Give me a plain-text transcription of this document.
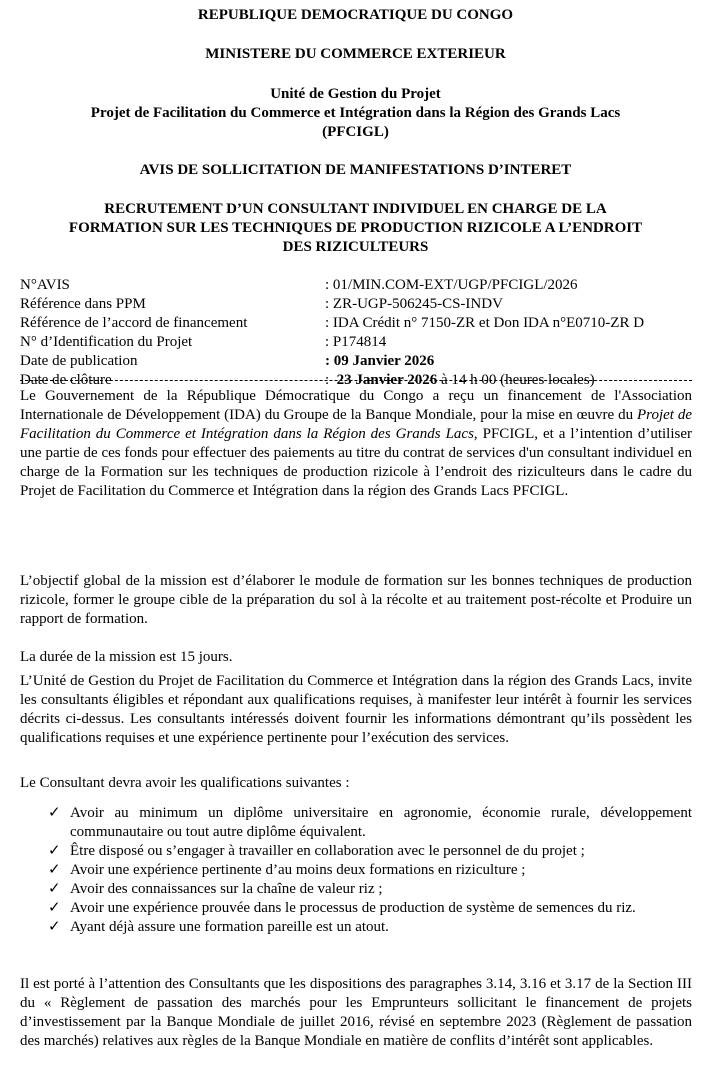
REPUBLIQUE DEMOCRATIQUE DU CONGO
MINISTERE DU COMMERCE EXTERIEUR
Unité de Gestion du Projet
Projet de Facilitation du Commerce et Intégration dans la Région des Grands Lacs
(PFCIGL)
AVIS DE SOLLICITATION DE MANIFESTATIONS D’INTERET
RECRUTEMENT D’UN CONSULTANT INDIVIDUEL EN CHARGE DE LA FORMATION SUR LES TECHNIQUES DE PRODUCTION RIZICOLE A L’ENDROIT DES RIZICULTEURS
N°AVIS	: 01/MIN.COM-EXT/UGP/PFCIGL/2026
Référence dans PPM	: ZR-UGP-506245-CS-INDV
Référence de l’accord de financement	: IDA Crédit n° 7150-ZR et Don IDA n°E0710-ZR D
N° d’Identification du Projet	: P174814
Date de publication	: 09 Janvier 2026
Date de clôture	:  23 Janvier 2026 à 14 h 00 (heures locales)
Le Gouvernement de la République Démocratique du Congo a reçu un financement de l'Association Internationale de Développement (IDA) du Groupe de la Banque Mondiale, pour la mise en œuvre du Projet de Facilitation du Commerce et Intégration dans la Région des Grands Lacs, PFCIGL, et a l’intention d’utiliser une partie de ces fonds pour effectuer des paiements au titre du contrat de services d'un consultant individuel en charge de la Formation sur les techniques de production rizicole à l’endroit des riziculteurs dans le cadre du Projet de Facilitation du Commerce et Intégration dans la région des Grands Lacs PFCIGL.
L’objectif global de la mission est d’élaborer le module de formation sur les bonnes techniques de production rizicole, former le groupe cible de la préparation du sol à la récolte et au traitement post-récolte et Produire un rapport de formation.
La durée de la mission est 15 jours.
L’Unité de Gestion du Projet de Facilitation du Commerce et Intégration dans la région des Grands Lacs, invite les consultants éligibles et répondant aux qualifications requises, à manifester leur intérêt à fournir les services décrits ci-dessus. Les consultants intéressés doivent fournir les informations démontrant qu’ils possèdent les qualifications requises et une expérience pertinente pour l’exécution des services.
Le Consultant devra avoir les qualifications suivantes :
✓ Avoir au minimum un diplôme universitaire en agronomie, économie rurale, développement communautaire ou tout autre diplôme équivalent.
✓ Être disposé ou s’engager à travailler en collaboration avec le personnel de du projet ;
✓ Avoir une expérience pertinente d’au moins deux formations en riziculture ;
✓ Avoir des connaissances sur la chaîne de valeur riz ;
✓ Avoir une expérience prouvée dans le processus de production de système de semences du riz.
✓ Ayant déjà assure une formation pareille est un atout.
Il est porté à l’attention des Consultants que les dispositions des paragraphes 3.14, 3.16 et 3.17 de la Section III du « Règlement de passation des marchés pour les Emprunteurs sollicitant le financement de projets d’investissement par la Banque Mondiale de juillet 2016, révisé en septembre 2023 (Règlement de passation des marchés) relatives aux règles de la Banque Mondiale en matière de conflits d’intérêt sont applicables.
